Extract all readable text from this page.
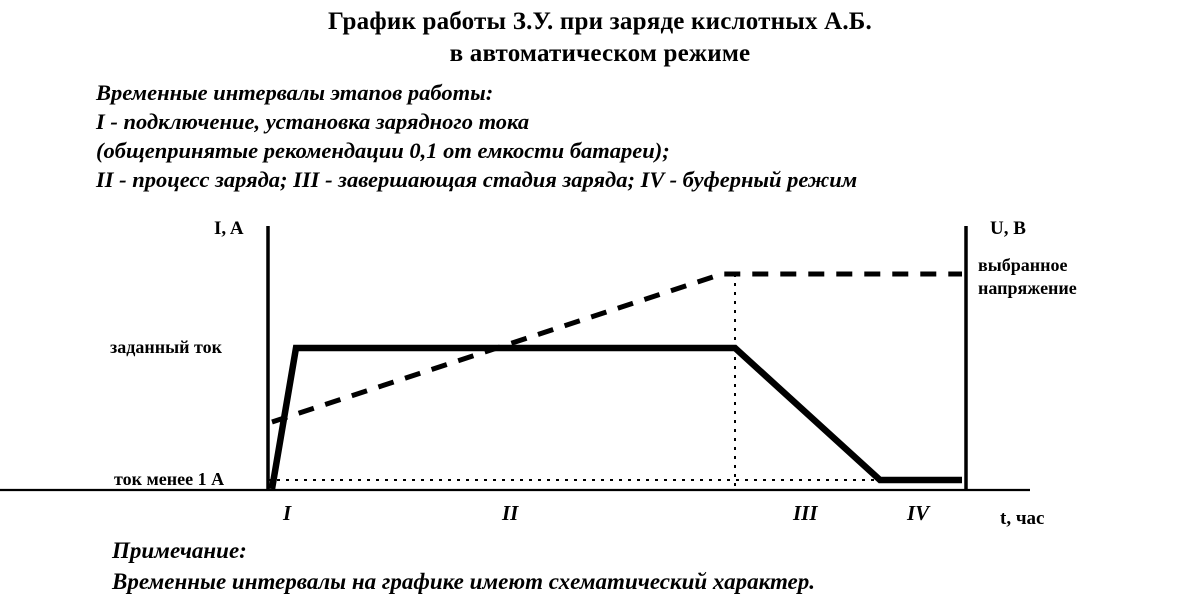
График работы З.У. при заряде кислотных А.Б.
в автоматическом режиме
Временные интервалы этапов работы:
I - подключение, установка зарядного тока
(общепринятые рекомендации 0,1 от емкости батареи);
II - процесс заряда; III - завершающая стадия заряда; IV - буферный режим
I, A	U, B
t, час
заданный ток
ток менее 1 A
выбранное
напряжение
I	II	III	IV
Примечание:
Временные интервалы на графике имеют схематический характер.
